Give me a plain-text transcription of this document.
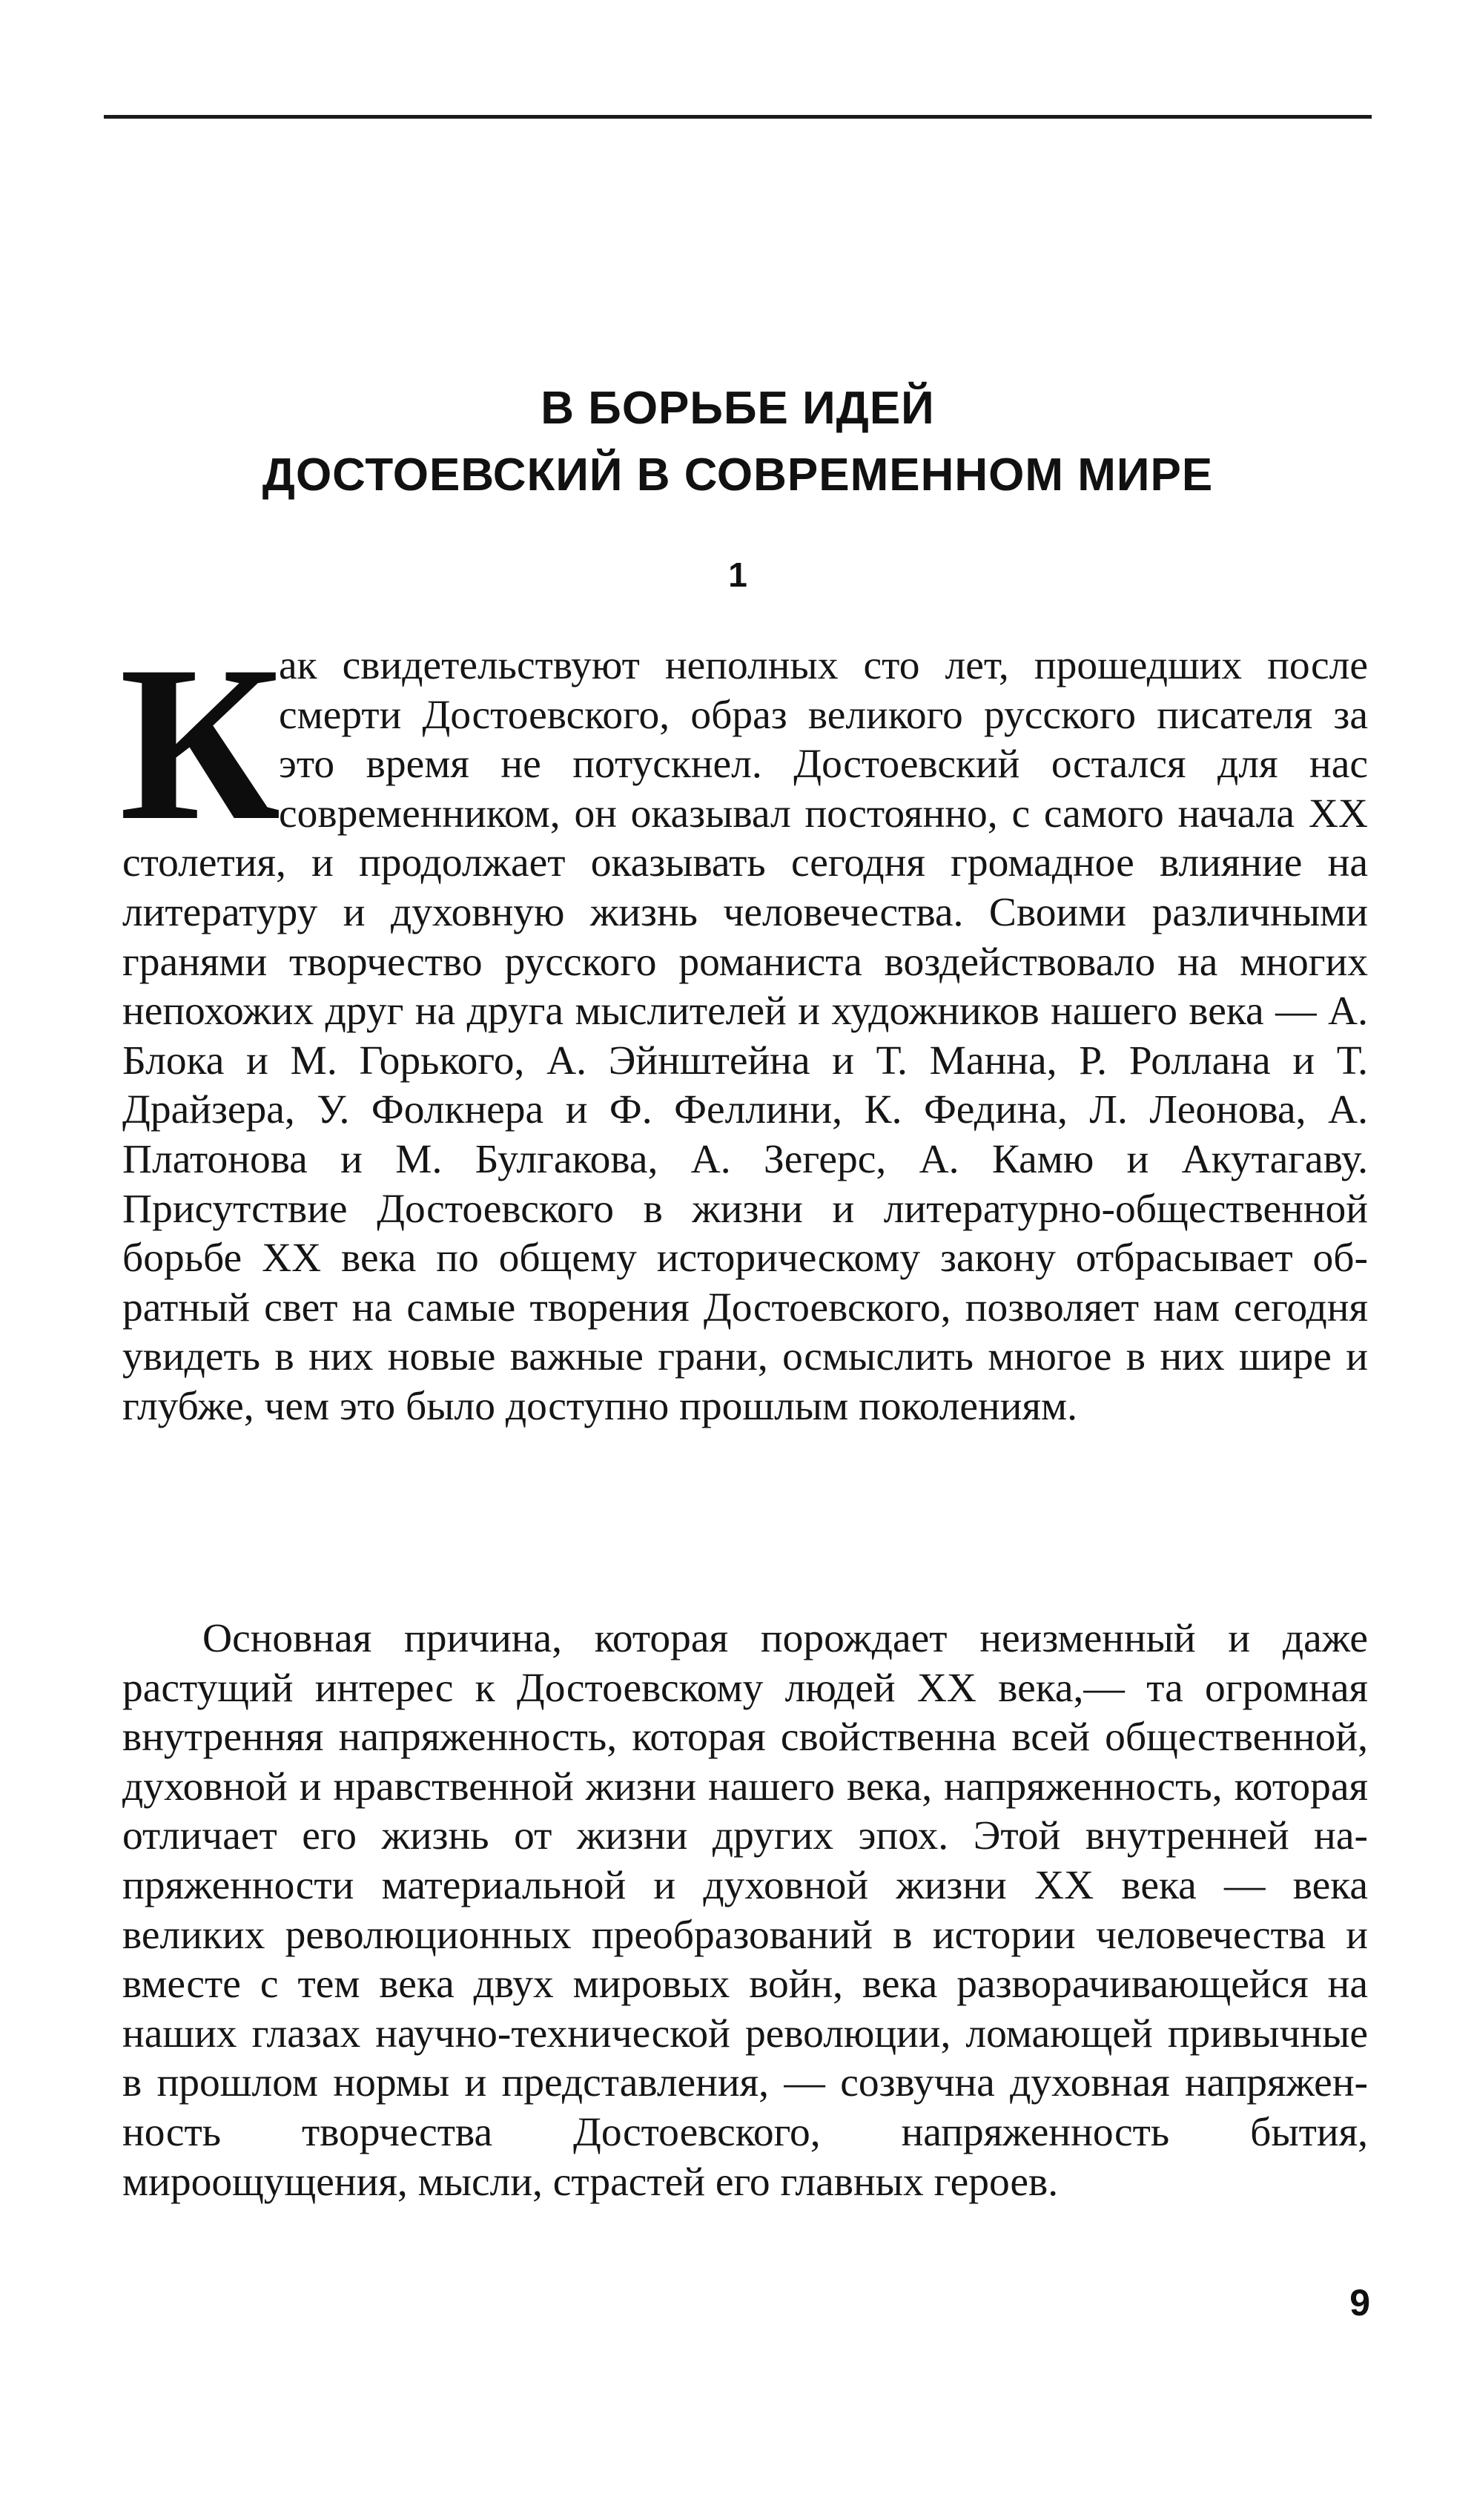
В БОРЬБЕ ИДЕЙ
ДОСТОЕВСКИЙ В СОВРЕМЕННОМ МИРЕ
1

К
ак свидетельствуют неполных сто лет, прошедших после смерти Достоевского, образ великого русского писателя за это время не потускнел. Достоевский остался для нас современником, он оказывал постоянно, с самого начала XX столетия, и продолжает оказывать сегодня громадное влияние на литературу и духовную жизнь человечества. Своими различными гранями творчество русского романиста воздействовало на многих непохожих друг на друга мыслителей и художников нашего века — А. Блока и М. Горького, А. Эйнштейна и Т. Манна, Р. Роллана и Т. Драйзера, У. Фолкнера и Ф. Феллини, К. Федина, Л. Леонова, А. Платонова и М. Булгакова, А. Зегерс, А. Камю и Акутагаву. Присутствие Достоевского в жизни и литературно-общественной борьбе XX века по общему историческому закону отбрасывает обратный свет на самые творения Достоевского, позволяет нам сегодня увидеть в них новые важные грани, осмыслить многое в них шире и глубже, чем это было доступно прошлым поколениям.

Основная причина, которая порождает неизменный и даже растущий интерес к Достоевскому людей XX века,— та огромная внутренняя напряженность, которая свойственна всей общественной, духовной и нравственной жизни нашего века, напряженность, которая отличает его жизнь от жизни других эпох. Этой внутренней напряженности материальной и духовной жизни XX века — века великих революционных преобразований в истории человечества и вместе с тем века двух мировых войн, века разворачивающейся на наших глазах научно-технической революции, ломающей привычные в прошлом нормы и представления, — созвучна духовная напряженность творчества Достоевского, напряженность бытия, мироощущения, мысли, страстей его главных героев.

9
